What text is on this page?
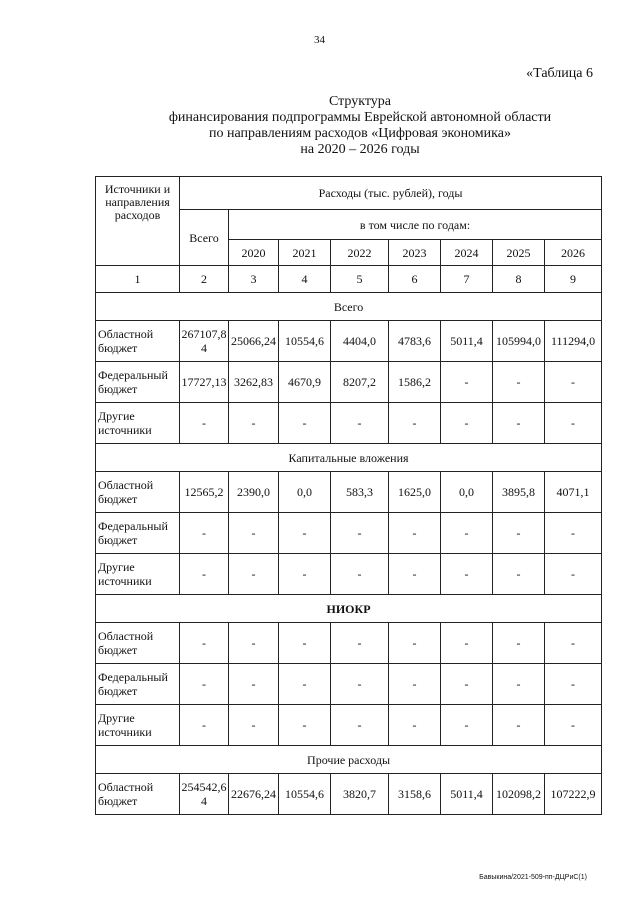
34
«Таблица 6
Структура
финансирования подпрограммы Еврейской автономной области
по направлениям расходов «Цифровая экономика»
на 2020 – 2026 годы
Источники и направления расходов	Расходы (тыс. рублей), годы							
	Всего	в том числе по годам:						
		2020	2021	2022	2023	2024	2025	2026
1	2	3	4	5	6	7	8	9
Всего								
Областной бюджет	267107,84	25066,24	10554,6	4404,0	4783,6	5011,4	105994,0	111294,0
Федеральный бюджет	17727,13	3262,83	4670,9	8207,2	1586,2	-	-	-
Другие источники	-	-	-	-	-	-	-	-
Капитальные вложения								
Областной бюджет	12565,2	2390,0	0,0	583,3	1625,0	0,0	3895,8	4071,1
Федеральный бюджет	-	-	-	-	-	-	-	-
Другие источники	-	-	-	-	-	-	-	-
НИОКР								
Областной бюджет	-	-	-	-	-	-	-	-
Федеральный бюджет	-	-	-	-	-	-	-	-
Другие источники	-	-	-	-	-	-	-	-
Прочие расходы								
Областной бюджет	254542,64	22676,24	10554,6	3820,7	3158,6	5011,4	102098,2	107222,9
Бавыкина/2021-509-пп-ДЦРиС(1)
